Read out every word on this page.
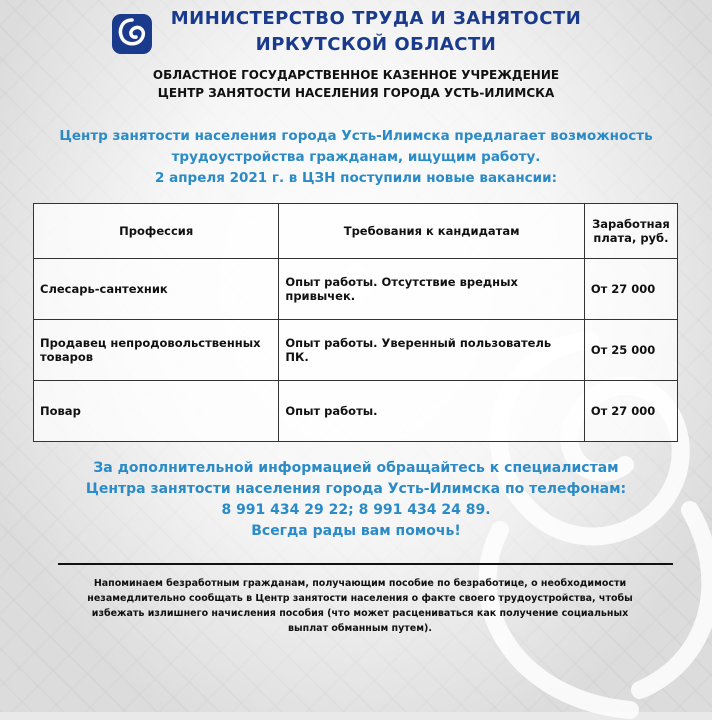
МИНИСТЕРСТВО ТРУДА И ЗАНЯТОСТИ
ИРКУТСКОЙ ОБЛАСТИ
ОБЛАСТНОЕ ГОСУДАРСТВЕННОЕ КАЗЕННОЕ УЧРЕЖДЕНИЕ
ЦЕНТР ЗАНЯТОСТИ НАСЕЛЕНИЯ ГОРОДА УСТЬ-ИЛИМСКА
Центр занятости населения города Усть-Илимска предлагает возможность
трудоустройства гражданам, ищущим работу.
2 апреля 2021 г. в ЦЗН поступили новые вакансии:
Профессия	Требования к кандидатам	Заработная плата, руб.
Слесарь-сантехник	Опыт работы. Отсутствие вредных привычек.	От 27 000
Продавец непродовольственных товаров	Опыт работы. Уверенный пользователь ПК.	От 25 000
Повар	Опыт работы.	От 27 000
За дополнительной информацией обращайтесь к специалистам
Центра занятости населения города Усть-Илимска по телефонам:
8 991 434 29 22; 8 991 434 24 89.
Всегда рады вам помочь!
Напоминаем безработным гражданам, получающим пособие по безработице, о необходимости незамедлительно сообщать в Центр занятости населения о факте своего трудоустройства, чтобы избежать излишнего начисления пособия (что может расцениваться как получение социальных выплат обманным путем).
